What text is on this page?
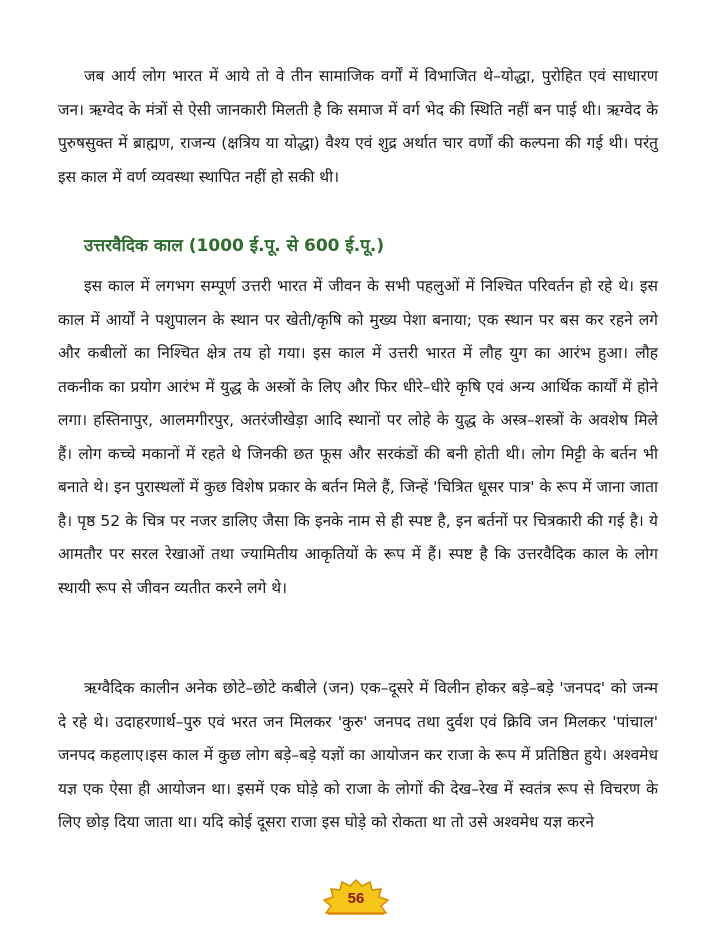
जब आर्य लोग भारत में आये तो वे तीन सामाजिक वर्गों में विभाजित थे–योद्धा, पुरोहित एवं साधारण जन। ऋग्वेद के मंत्रों से ऐसी जानकारी मिलती है कि समाज में वर्ग भेद की स्थिति नहीं बन पाई थी। ऋग्वेद के पुरुषसुक्त में ब्राह्मण, राजन्य (क्षत्रिय या योद्धा) वैश्य एवं शुद्र अर्थात चार वर्णों की कल्पना की गई थी। परंतु इस काल में वर्ण व्यवस्था स्थापित नहीं हो सकी थी।

उत्तरवैदिक काल (1000 ई.पू. से 600 ई.पू.)

इस काल में लगभग सम्पूर्ण उत्तरी भारत में जीवन के सभी पहलुओं में निश्चित परिवर्तन हो रहे थे। इस काल में आर्यों ने पशुपालन के स्थान पर खेती/कृषि को मुख्य पेशा बनाया; एक स्थान पर बस कर रहने लगे और कबीलों का निश्चित क्षेत्र तय हो गया। इस काल में उत्तरी भारत में लौह युग का आरंभ हुआ। लौह तकनीक का प्रयोग आरंभ में युद्ध के अस्त्रों के लिए और फिर धीरे–धीरे कृषि एवं अन्य आर्थिक कार्यों में होने लगा। हस्तिनापुर, आलमगीरपुर, अतरंजीखेड़ा आदि स्थानों पर लोहे के युद्ध के अस्त्र–शस्त्रों के अवशेष मिले हैं। लोग कच्चे मकानों में रहते थे जिनकी छत फूस और सरकंडों की बनी होती थी। लोग मिट्टी के बर्तन भी बनाते थे। इन पुरास्थलों में कुछ विशेष प्रकार के बर्तन मिले हैं, जिन्हें 'चित्रित धूसर पात्र' के रूप में जाना जाता है। पृष्ठ 52 के चित्र पर नजर डालिए जैसा कि इनके नाम से ही स्पष्ट है, इन बर्तनों पर चित्रकारी की गई है। ये आमतौर पर सरल रेखाओं तथा ज्यामितीय आकृतियों के रूप में हैं। स्पष्ट है कि उत्तरवैदिक काल के लोग स्थायी रूप से जीवन व्यतीत करने लगे थे।

ऋग्वैदिक कालीन अनेक छोटे–छोटे कबीले (जन) एक–दूसरे में विलीन होकर बड़े–बड़े 'जनपद' को जन्म दे रहे थे। उदाहरणार्थ–पुरु एवं भरत जन मिलकर 'कुरु' जनपद तथा दुर्वश एवं क्रिवि जन मिलकर 'पांचाल' जनपद कहलाए।इस काल में कुछ लोग बड़े–बड़े यज्ञों का आयोजन कर राजा के रूप में प्रतिष्ठित हुये। अश्वमेध यज्ञ एक ऐसा ही आयोजन था। इसमें एक घोड़े को राजा के लोगों की देख–रेख में स्वतंत्र रूप से विचरण के लिए छोड़ दिया जाता था। यदि कोई दूसरा राजा इस घोड़े को रोकता था तो उसे अश्वमेध यज्ञ करने

56
